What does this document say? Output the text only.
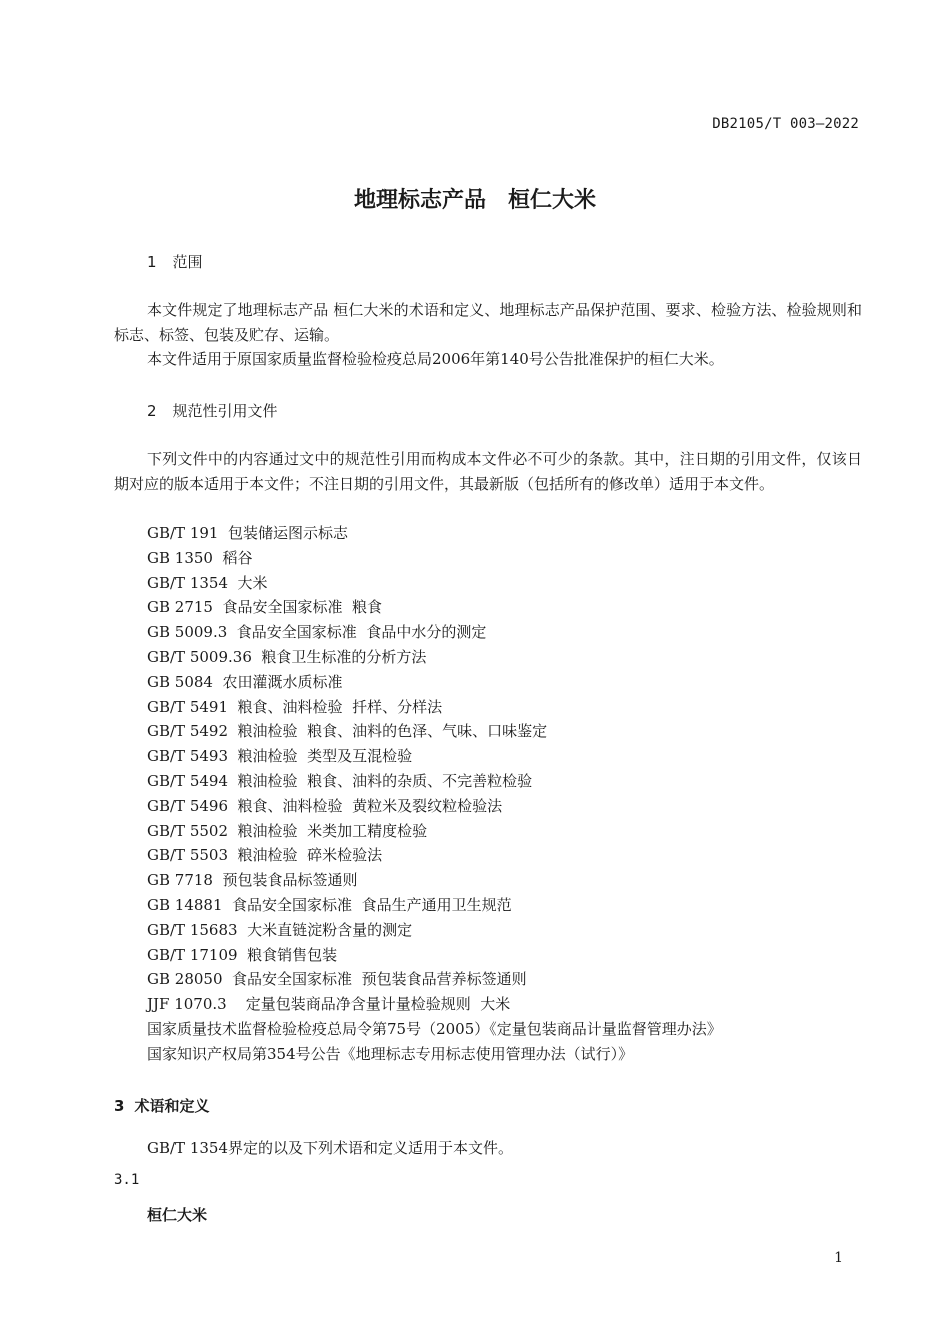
DB2105/T 003—2022
地理标志产品　桓仁大米
1 范围
本文件规定了地理标志产品 桓仁大米的术语和定义、地理标志产品保护范围、要求、检验方法、检验规则和标志、标签、包装及贮存、运输。
本文件适用于原国家质量监督检验检疫总局2006年第140号公告批准保护的桓仁大米。
2 规范性引用文件
下列文件中的内容通过文中的规范性引用而构成本文件必不可少的条款。其中，注日期的引用文件，仅该日期对应的版本适用于本文件；不注日期的引用文件，其最新版（包括所有的修改单）适用于本文件。
GB/T 191  包装储运图示标志
GB 1350  稻谷
GB/T 1354  大米
GB 2715  食品安全国家标准  粮食
GB 5009.3  食品安全国家标准  食品中水分的测定
GB/T 5009.36  粮食卫生标准的分析方法
GB 5084  农田灌溉水质标准
GB/T 5491  粮食、油料检验  扦样、分样法
GB/T 5492  粮油检验  粮食、油料的色泽、气味、口味鉴定
GB/T 5493  粮油检验  类型及互混检验
GB/T 5494  粮油检验  粮食、油料的杂质、不完善粒检验
GB/T 5496  粮食、油料检验  黄粒米及裂纹粒检验法
GB/T 5502  粮油检验  米类加工精度检验
GB/T 5503  粮油检验  碎米检验法
GB 7718  预包装食品标签通则
GB 14881  食品安全国家标准  食品生产通用卫生规范
GB/T 15683  大米直链淀粉含量的测定
GB/T 17109  粮食销售包装
GB 28050  食品安全国家标准  预包装食品营养标签通则
JJF 1070.3    定量包装商品净含量计量检验规则  大米
国家质量技术监督检验检疫总局令第75号（2005）《定量包装商品计量监督管理办法》
国家知识产权局第354号公告《地理标志专用标志使用管理办法（试行）》
3 术语和定义
GB/T 1354界定的以及下列术语和定义适用于本文件。
3.1
桓仁大米
1
